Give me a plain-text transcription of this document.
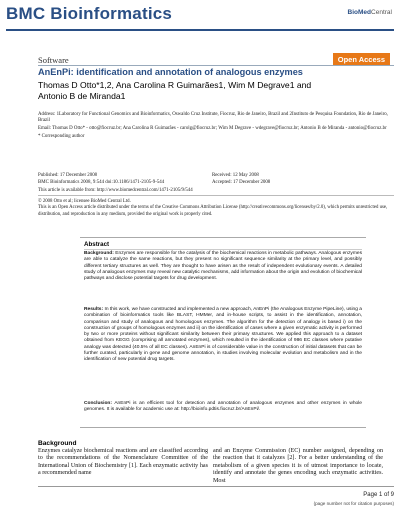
BMC Bioinformatics	BioMedCentral
Software	Open Access
AnEnPi: identification and annotation of analogous enzymes
Thomas D Otto*1,2, Ana Carolina R Guimarães1, Wim M Degrave1 and
Antonio B de Miranda1

Address: 1Laboratory for Functional Genomics and Bioinformatics, Oswaldo Cruz Institute, Fiocruz, Rio de Janeiro, Brazil and 2Instituto de Pesquisa Foundation, Rio de Janeiro, Brazil

Email: Thomas D Otto* - otto@fiocruz.br; Ana Carolina R Guimarães - carolg@fiocruz.br; Wim M Degrave - wdegrave@fiocruz.br; Antonio B de Miranda - antonio@fiocruz.br

* Corresponding author

Published: 17 December 2008
BMC Bioinformatics 2008, 9:544 doi:10.1186/1471-2105-9-544
Received: 12 May 2008
Accepted: 17 December 2008
This article is available from: http://www.biomedcentral.com/1471-2105/9/544
© 2008 Otto et al; licensee BioMed Central Ltd.
This is an Open Access article distributed under the terms of the Creative Commons Attribution License (http://creativecommons.org/licenses/by/2.0), which permits unrestricted use, distribution, and reproduction in any medium, provided the original work is properly cited.
Abstract
Background: Enzymes are responsible for the catalysis of the biochemical reactions in metabolic pathways. Analogous enzymes are able to catalyze the same reactions, but they present no significant sequence similarity at the primary level, and possibly different tertiary structures as well. They are thought to have arisen as the result of independent evolutionary events. A detailed study of analogous enzymes may reveal new catalytic mechanisms, add information about the origin and evolution of biochemical pathways and disclose potential targets for drug development.
Results: In this work, we have constructed and implemented a new approach, AnEnPi (the Analogous Enzyme PipeLine), using a combination of bioinformatics tools like BLAST, HMMer, and in-house scripts, to assist in the identification, annotation, comparison and study of analogous and homologous enzymes. The algorithm for the detection of analogy is based i) on the construction of groups of homologous enzymes and ii) on the identification of cases where a given enzymatic activity is performed by two or more proteins without significant similarity between their primary structures. We applied this approach to a dataset obtained from KEGG (comprising all annotated enzymes), which resulted in the identification of 986 EC classes where putative analogy was detected (40.5% of all EC classes). AnEnPi is of considerable value in the construction of initial datasets that can be further curated, particularly in gene and genome annotation, in studies involving molecular evolution and metabolism and in the identification of new potential drug targets.
Conclusion: AnEnPi is an efficient tool for detection and annotation of analogous enzymes and other enzymes in whole genomes. It is available for academic use at: http://bioinfo.pdtis.fiocruz.br/AnEnPi/.
Background
Enzymes catalyze biochemical reactions and are classified according to the recommendations of the Nomenclature Committee of the International Union of Biochemistry [1]. Each enzymatic activity has a recommended name
and an Enzyme Commission (EC) number assigned, depending on the reaction that it catalyzes [2]. For a better understanding of the metabolism of a given species it is of utmost importance to locate, identify and annotate the genes encoding such enzymatic activities. Most
Page 1 of 9
(page number not for citation purposes)
